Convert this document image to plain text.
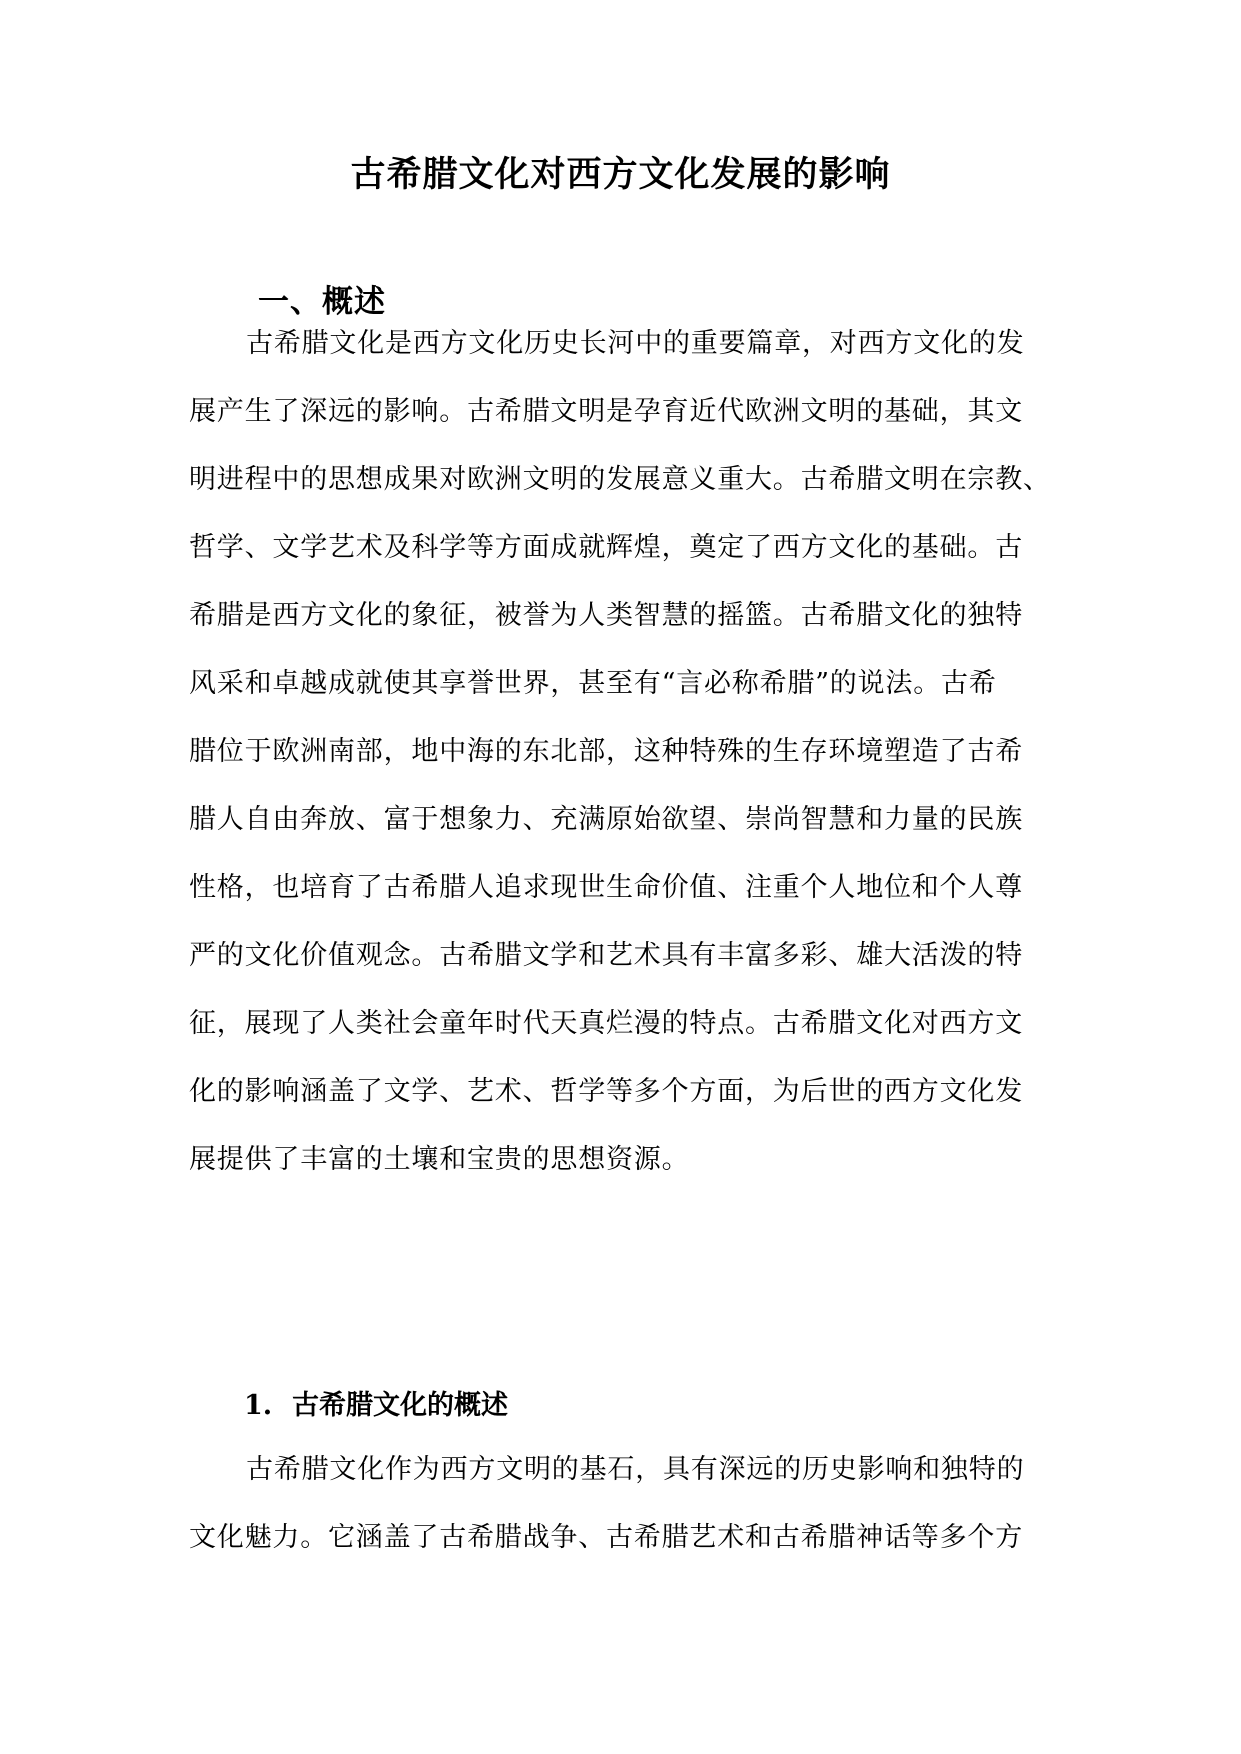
古希腊文化对西方文化发展的影响
一、概述
古希腊文化是西方文化历史长河中的重要篇章，对西方文化的发
展产生了深远的影响。古希腊文明是孕育近代欧洲文明的基础，其文
明进程中的思想成果对欧洲文明的发展意义重大。古希腊文明在宗教、
哲学、文学艺术及科学等方面成就辉煌，奠定了西方文化的基础。古
希腊是西方文化的象征，被誉为人类智慧的摇篮。古希腊文化的独特
风采和卓越成就使其享誉世界，甚至有“言必称希腊”的说法。古希
腊位于欧洲南部，地中海的东北部，这种特殊的生存环境塑造了古希
腊人自由奔放、富于想象力、充满原始欲望、崇尚智慧和力量的民族
性格，也培育了古希腊人追求现世生命价值、注重个人地位和个人尊
严的文化价值观念。古希腊文学和艺术具有丰富多彩、雄大活泼的特
征，展现了人类社会童年时代天真烂漫的特点。古希腊文化对西方文
化的影响涵盖了文学、艺术、哲学等多个方面，为后世的西方文化发
展提供了丰富的土壤和宝贵的思想资源。
1. 古希腊文化的概述
古希腊文化作为西方文明的基石，具有深远的历史影响和独特的
文化魅力。它涵盖了古希腊战争、古希腊艺术和古希腊神话等多个方
